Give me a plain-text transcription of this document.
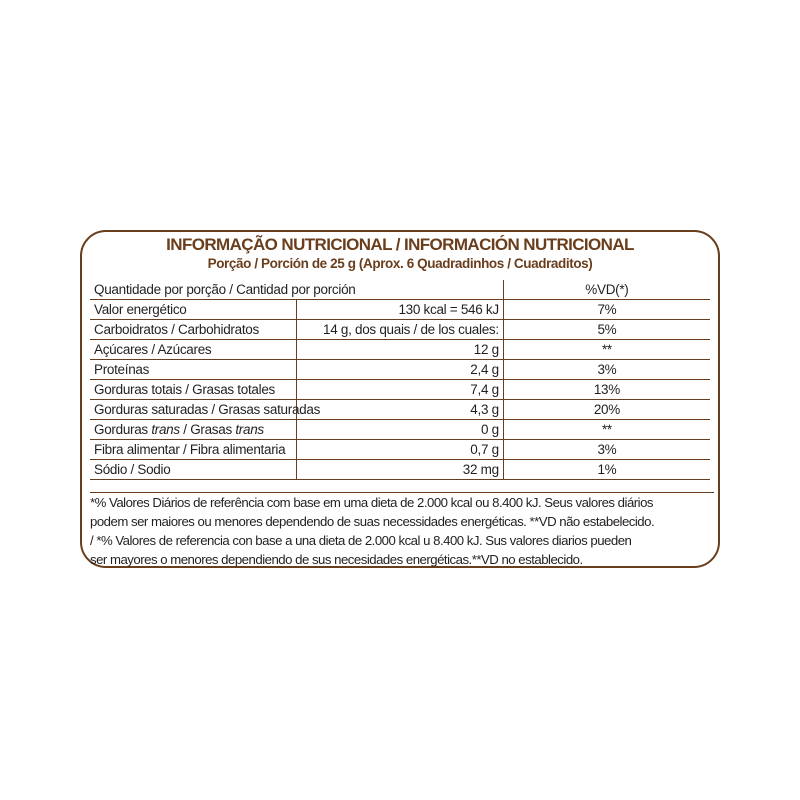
INFORMAÇÃO NUTRICIONAL / INFORMACIÓN NUTRICIONAL
Porção / Porción de 25 g (Aprox. 6 Quadradinhos / Cuadraditos)
Quantidade por porção / Cantidad por porción		%VD(*)
Valor energético	130 kcal = 546 kJ	7%
Carboidratos / Carbohidratos	14 g, dos quais / de los cuales:	5%
Açúcares / Azúcares	12 g	**
Proteínas	2,4 g	3%
Gorduras totais / Grasas totales	7,4 g	13%
Gorduras saturadas / Grasas saturadas	4,3 g	20%
Gorduras trans / Grasas trans	0 g	**
Fibra alimentar / Fibra alimentaria	0,7 g	3%
Sódio / Sodio	32 mg	1%
*% Valores Diários de referência com base em uma dieta de 2.000 kcal ou 8.400 kJ. Seus valores diários
podem ser maiores ou menores dependendo de suas necessidades energéticas. **VD não estabelecido.
/ *% Valores de referencia con base a una dieta de 2.000 kcal u 8.400 kJ. Sus valores diarios pueden
ser mayores o menores dependiendo de sus necesidades energéticas.**VD no establecido.
